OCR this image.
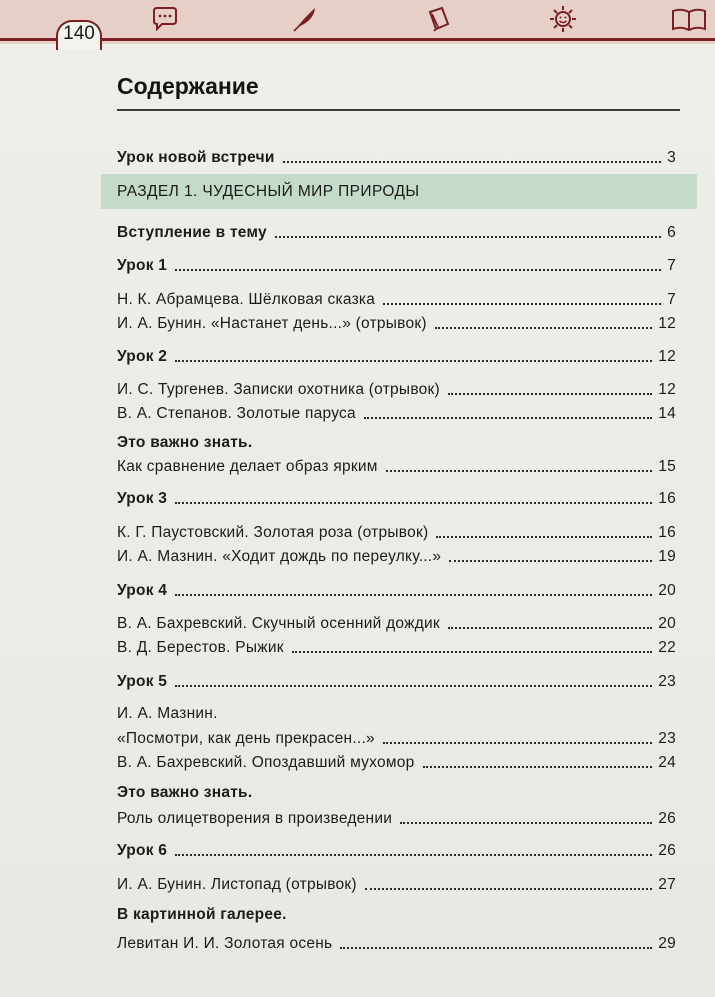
140
Содержание
РАЗДЕЛ 1. ЧУДЕСНЫЙ МИР ПРИРОДЫ
Урок новой встречи	3
Вступление в тему	6
Урок 1	7
Н. К. Абрамцева. Шёлковая сказка	7
И. А. Бунин. «Настанет день...» (отрывок)	12
Урок 2	12
И. С. Тургенев. Записки охотника (отрывок)	12
В. А. Степанов. Золотые паруса	14
Это важно знать.
Как сравнение делает образ ярким	15
Урок 3	16
К. Г. Паустовский. Золотая роза (отрывок)	16
И. А. Мазнин. «Ходит дождь по переулку...»	19
Урок 4	20
В. А. Бахревский. Скучный осенний дождик	20
В. Д. Берестов. Рыжик	22
Урок 5	23
И. А. Мазнин.
«Посмотри, как день прекрасен...»	23
В. А. Бахревский. Опоздавший мухомор	24
Это важно знать.
Роль олицетворения в произведении	26
Урок 6	26
И. А. Бунин. Листопад (отрывок)	27
В картинной галерее.
Левитан И. И. Золотая осень	29
